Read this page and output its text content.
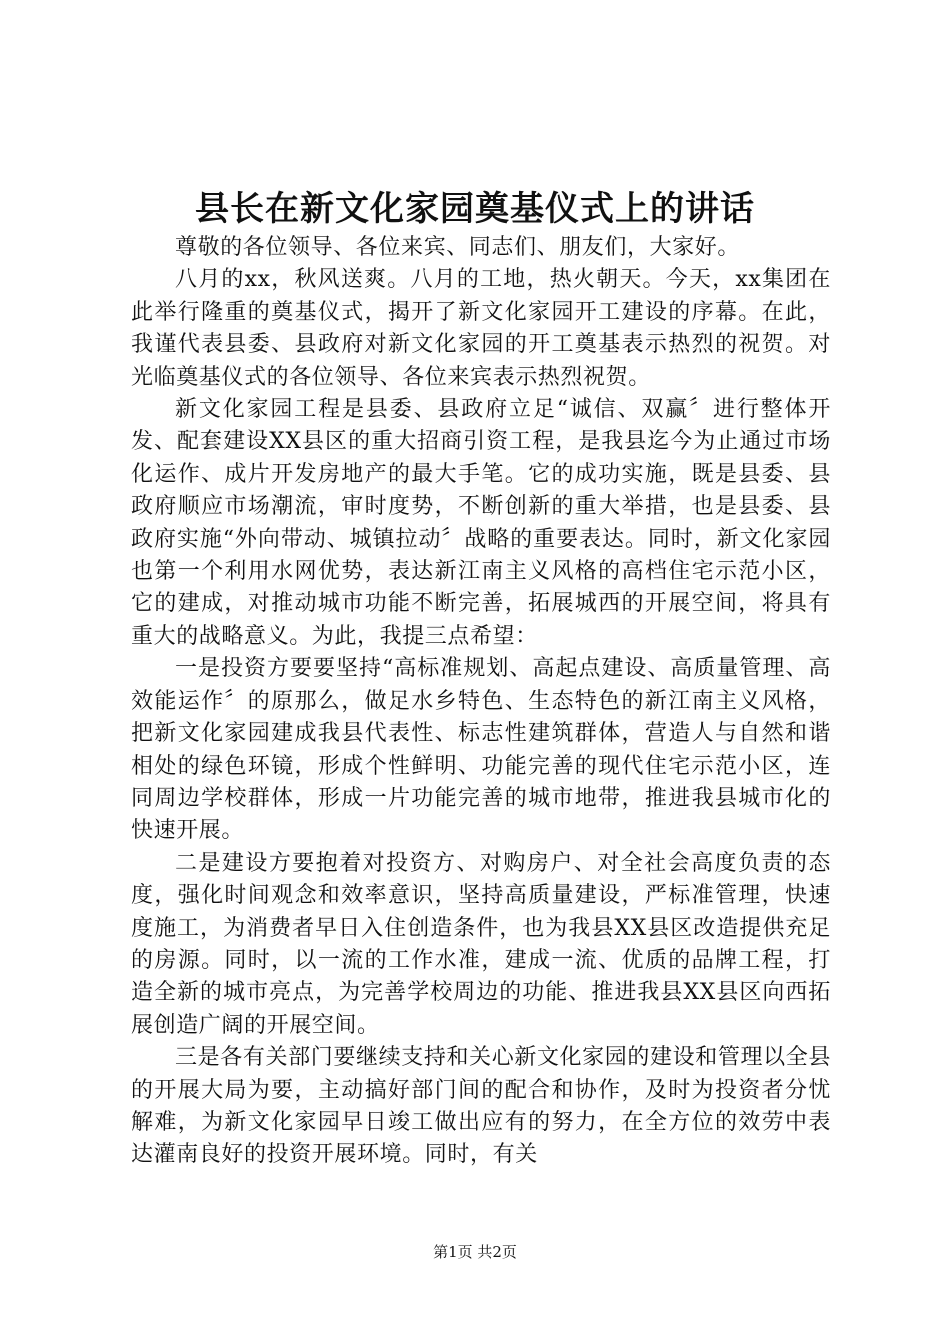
县长在新文化家园奠基仪式上的讲话

尊敬的各位领导、各位来宾、同志们、朋友们，大家好。

八月的xx，秋风送爽。八月的工地，热火朝天。今天，xx集团在此举行隆重的奠基仪式，揭开了新文化家园开工建设的序幕。在此，我谨代表县委、县政府对新文化家园的开工奠基表示热烈的祝贺。对光临奠基仪式的各位领导、各位来宾表示热烈祝贺。

新文化家园工程是县委、县政府立足“诚信、双赢〞进行整体开发、配套建设XX县区的重大招商引资工程，是我县迄今为止通过市场化运作、成片开发房地产的最大手笔。它的成功实施，既是县委、县政府顺应市场潮流，审时度势，不断创新的重大举措，也是县委、县政府实施“外向带动、城镇拉动〞战略的重要表达。同时，新文化家园也第一个利用水网优势，表达新江南主义风格的高档住宅示范小区，它的建成，对推动城市功能不断完善，拓展城西的开展空间，将具有重大的战略意义。为此，我提三点希望：

一是投资方要要坚持“高标准规划、高起点建设、高质量管理、高效能运作〞的原那么，做足水乡特色、生态特色的新江南主义风格，把新文化家园建成我县代表性、标志性建筑群体，营造人与自然和谐相处的绿色环镜，形成个性鲜明、功能完善的现代住宅示范小区，连同周边学校群体，形成一片功能完善的城市地带，推进我县城市化的快速开展。

二是建设方要抱着对投资方、对购房户、对全社会高度负责的态度，强化时间观念和效率意识，坚持高质量建设，严标准管理，快速度施工，为消费者早日入住创造条件，也为我县XX县区改造提供充足的房源。同时，以一流的工作水准，建成一流、优质的品牌工程，打造全新的城市亮点，为完善学校周边的功能、推进我县XX县区向西拓展创造广阔的开展空间。

三是各有关部门要继续支持和关心新文化家园的建设和管理以全县的开展大局为要，主动搞好部门间的配合和协作，及时为投资者分忧解难，为新文化家园早日竣工做出应有的努力，在全方位的效劳中表达灌南良好的投资开展环境。同时，有关

第1页 共2页
